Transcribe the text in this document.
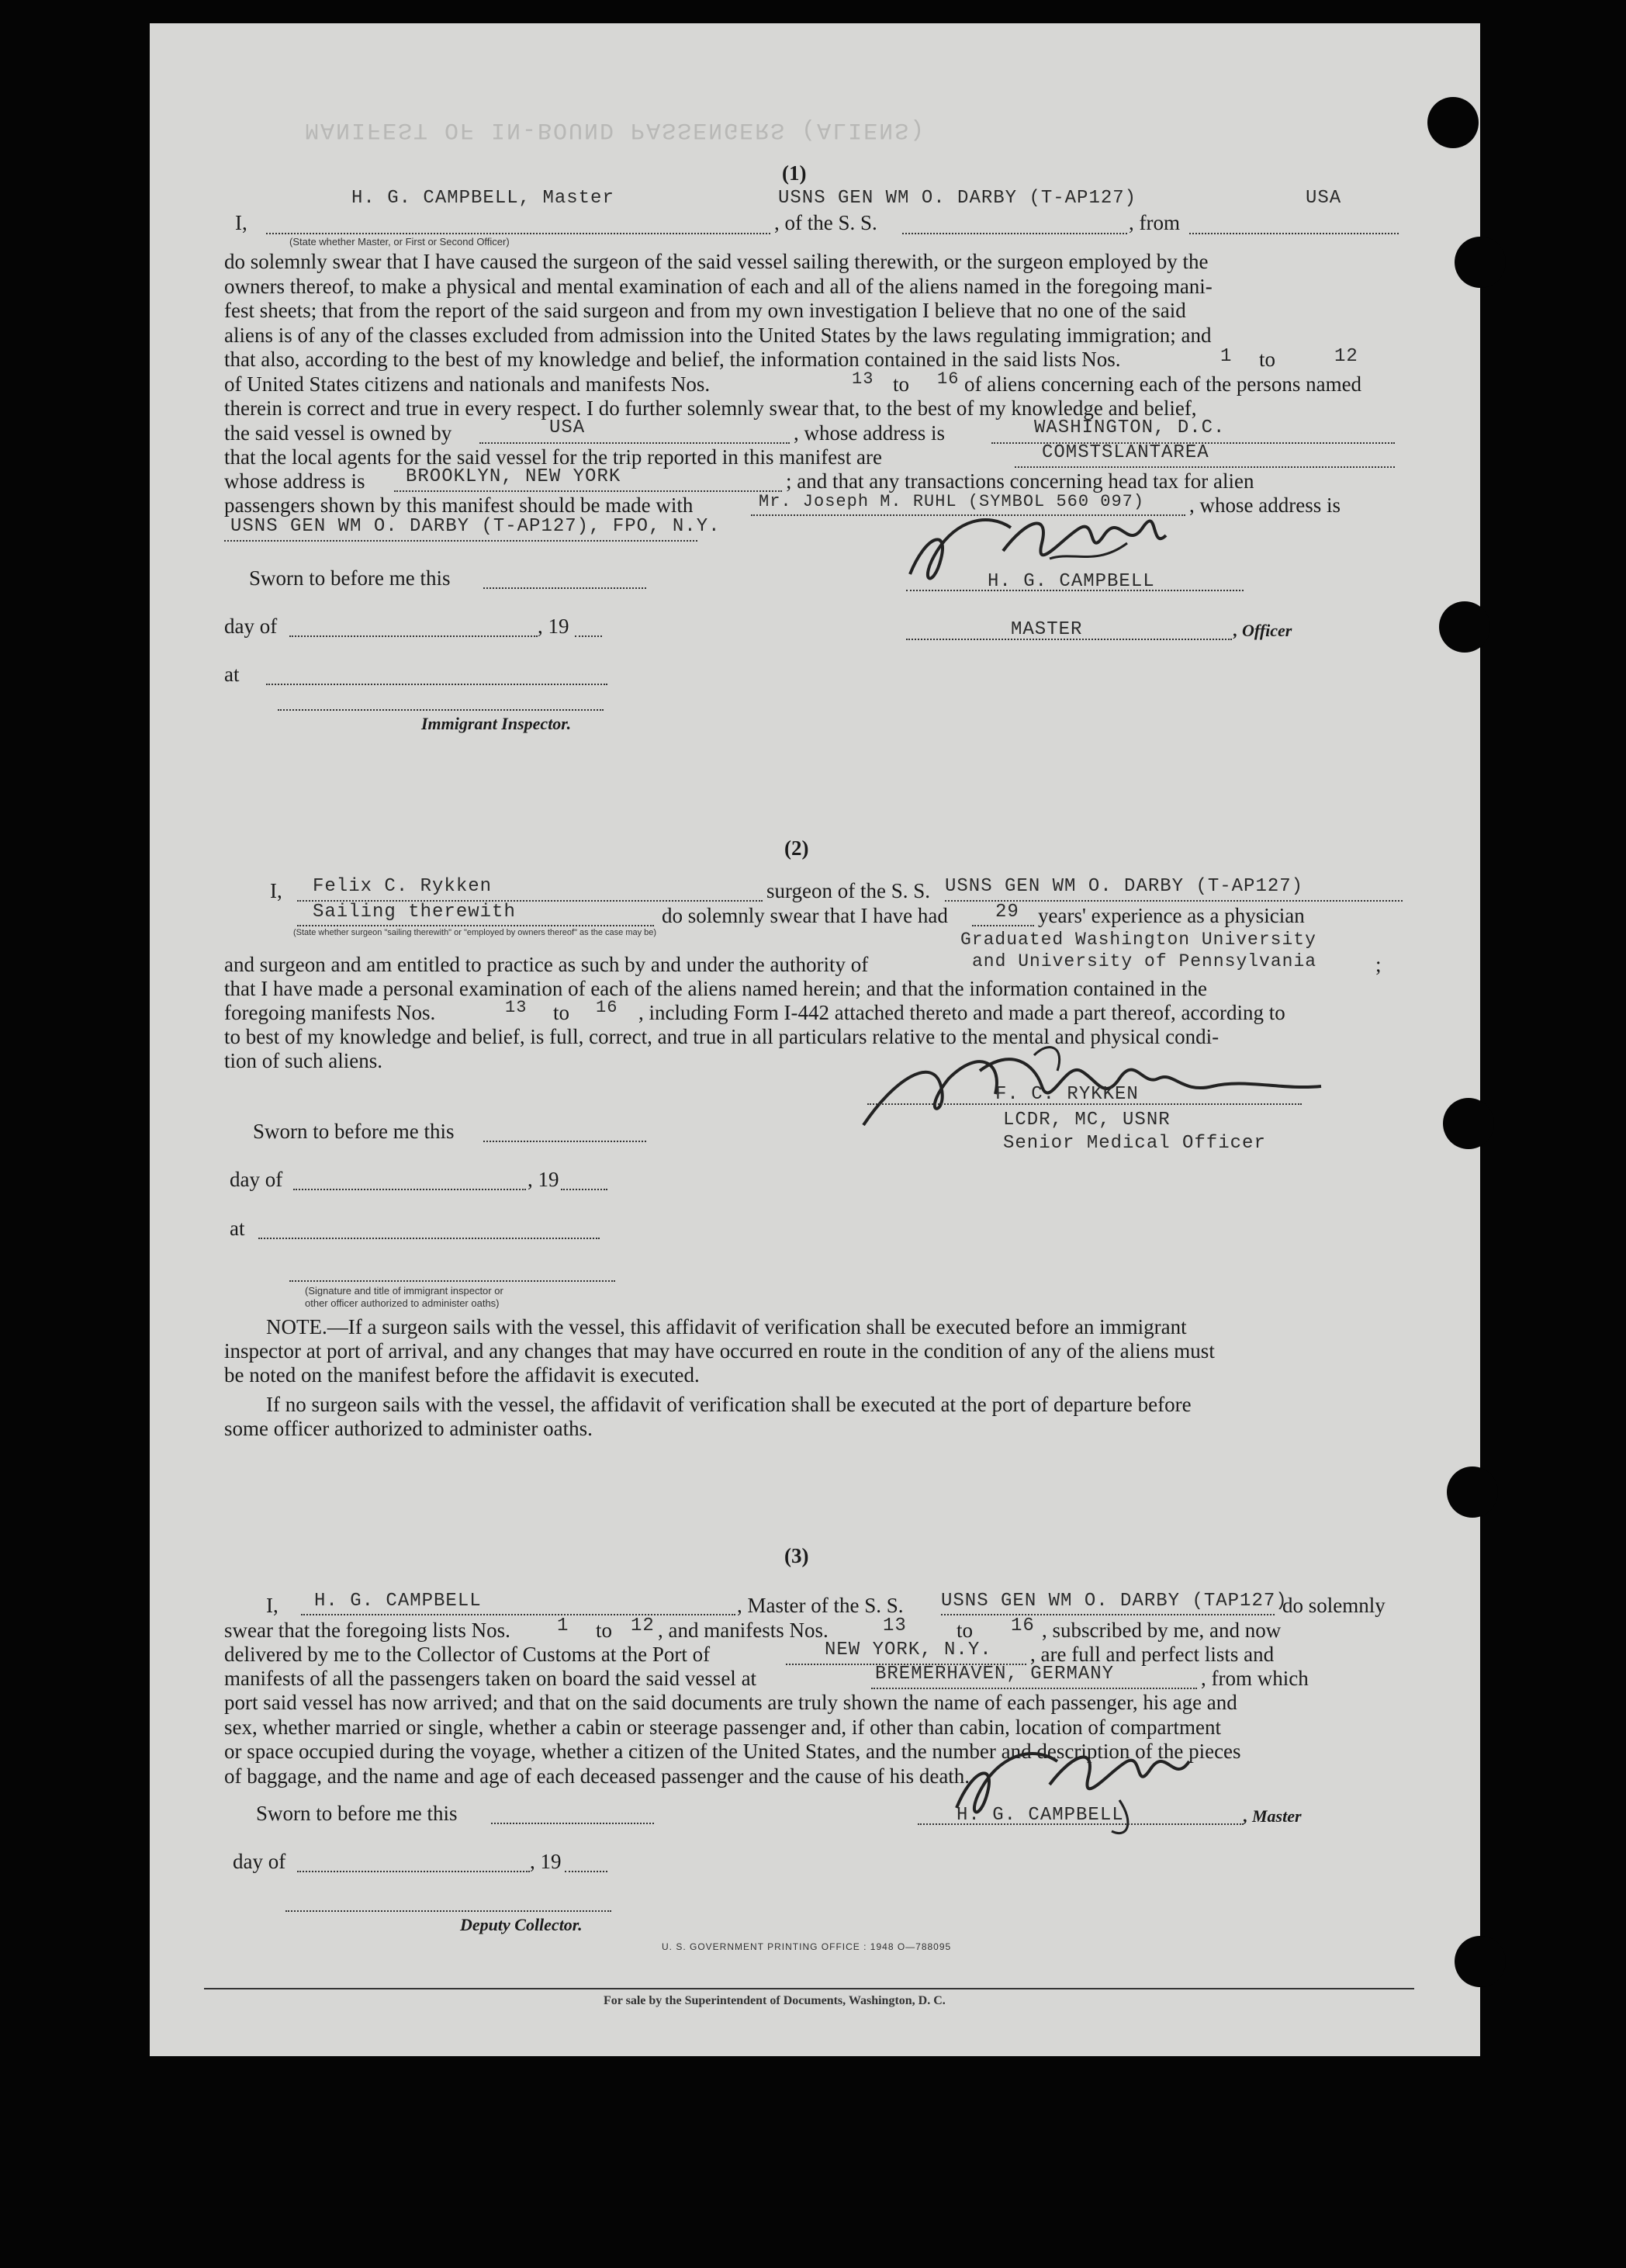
MANIFEST OF IN-BOUND PASSENGERS (ALIENS)
(1)
H. G. CAMPBELL, Master	USNS GEN WM O. DARBY (T-AP127)	USA
I,	, of the S. S.	, from
(State whether Master, or First or Second Officer)
do solemnly swear that I have caused the surgeon of the said vessel sailing therewith, or the surgeon employed by the
owners thereof, to make a physical and mental examination of each and all of the aliens named in the foregoing mani-
fest sheets; that from the report of the said surgeon and from my own investigation I believe that no one of the said
aliens is of any of the classes excluded from admission into the United States by the laws regulating immigration; and
that also, according to the best of my knowledge and belief, the information contained in the said lists Nos.	1 to	12
of United States citizens and nationals and manifests Nos.	13	16 of aliens concerning each of the persons named
to
therein is correct and true in every respect. I do further solemnly swear that, to the best of my knowledge and belief,
the said vessel is owned by	USA	, whose address is	WASHINGTON, D.C.
that the local agents for the said vessel for the trip reported in this manifest are	COMSTSLANTAREA
whose address is BROOKLYN, NEW YORK	; and that any transactions concerning head tax for alien
passengers shown by this manifest should be made with	Mr. Joseph M. RUHL (SYMBOL 560 097) , whose address is
USNS GEN WM O. DARBY (T-AP127), FPO, N.Y.
Sworn to before me this
day of	, 19
at
Immigrant Inspector.
H. G. CAMPBELL
MASTER	, Officer
(2)
I, Felix C. Rykken	surgeon of the S. S. USNS GEN WM O. DARBY (T-AP127)
Sailing therewith	do solemnly swear that I have had	29 years' experience as a physician
(State whether surgeon "sailing therewith" or "employed by owners thereof" as the case may be)	Graduated Washington University
and surgeon and am entitled to practice as such by and under the authority of	and University of Pennsylvania	;
that I have made a personal examination of each of the aliens named herein; and that the information contained in the
foregoing manifests Nos.	13 to 16 , including Form I-442 attached thereto and made a part thereof, according to
to best of my knowledge and belief, is full, correct, and true in all particulars relative to the mental and physical condi-
tion of such aliens.
Sworn to before me this
day of	, 19
at
(Signature and title of immigrant inspector or
other officer authorized to administer oaths)
F. C. RYKKEN
LCDR, MC, USNR
Senior Medical Officer
NOTE.—If a surgeon sails with the vessel, this affidavit of verification shall be executed before an immigrant
inspector at port of arrival, and any changes that may have occurred en route in the condition of any of the aliens must
be noted on the manifest before the affidavit is executed.
If no surgeon sails with the vessel, the affidavit of verification shall be executed at the port of departure before
some officer authorized to administer oaths.
(3)
I, H. G. CAMPBELL	, Master of the S. S. USNS GEN WM O. DARBY (TAP127)
do solemnly
swear that the foregoing lists Nos.	1 to 12 , and manifests Nos.	13 to 16 , subscribed by me, and now
delivered by me to the Collector of Customs at the Port of	NEW YORK, N.Y. , are full and perfect lists and
manifests of all the passengers taken on board the said vessel at	BREMERHAVEN, GERMANY	, from which
port said vessel has now arrived; and that on the said documents are truly shown the name of each passenger, his age and
sex, whether married or single, whether a cabin or steerage passenger and, if other than cabin, location of compartment
or space occupied during the voyage, whether a citizen of the United States, and the number and description of the pieces
of baggage, and the name and age of each deceased passenger and the cause of his death.
Sworn to before me this
day of	, 19
Deputy Collector.
H. G. CAMPBELL	, Master
U. S. GOVERNMENT PRINTING OFFICE : 1948 O—788095
For sale by the Superintendent of Documents, Washington, D. C.
